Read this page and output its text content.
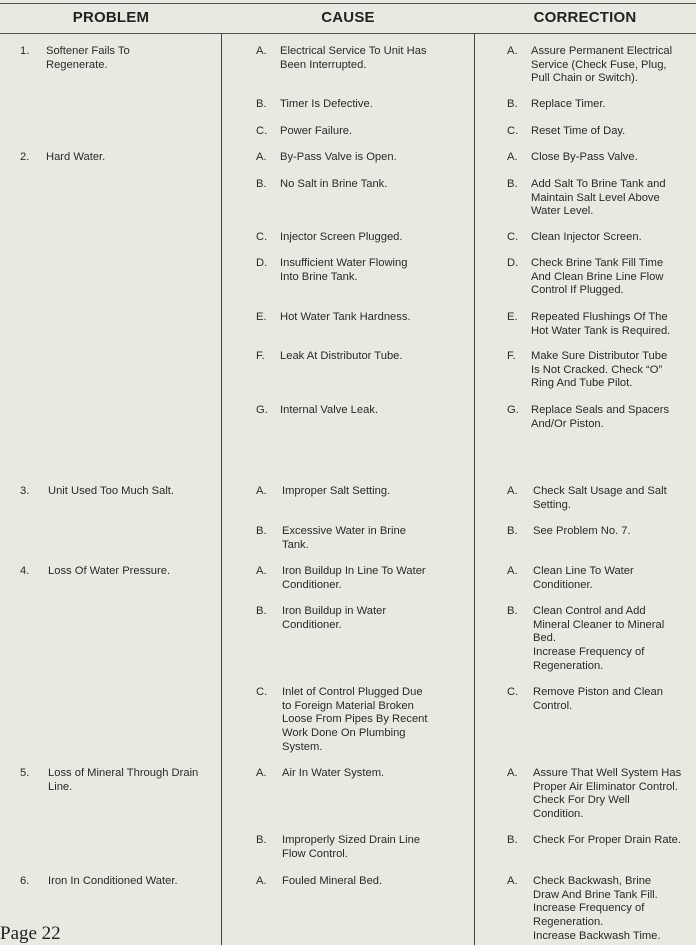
PROBLEM	CAUSE	CORRECTION
1. Softener Fails To
Regenerate.
2. Hard Water.
3. Unit Used Too Much Salt.
4. Loss Of Water Pressure.
5. Loss of Mineral Through Drain
Line.
6. Iron In Conditioned Water.
A. Electrical Service To Unit Has
Been Interrupted.
B. Timer Is Defective.
C. Power Failure.
A. By-Pass Valve is Open.
B. No Salt in Brine Tank.
C. Injector Screen Plugged.
D. Insufficient Water Flowing
Into Brine Tank.
E. Hot Water Tank Hardness.
F. Leak At Distributor Tube.
G. Internal Valve Leak.
A. Improper Salt Setting.
B. Excessive Water in Brine
Tank.
A. Iron Buildup In Line To Water
Conditioner.
B. Iron Buildup in Water
Conditioner.
C. Inlet of Control Plugged Due
to Foreign Material Broken
Loose From Pipes By Recent
Work Done On Plumbing
System.
A. Air In Water System.
B. Improperly Sized Drain Line
Flow Control.
A. Fouled Mineral Bed.
A. Assure Permanent Electrical
Service (Check Fuse, Plug,
Pull Chain or Switch).
B. Replace Timer.
C. Reset Time of Day.
A. Close By-Pass Valve.
B. Add Salt To Brine Tank and
Maintain Salt Level Above
Water Level.
C. Clean Injector Screen.
D. Check Brine Tank Fill Time
And Clean Brine Line Flow
Control If Plugged.
E. Repeated Flushings Of The
Hot Water Tank is Required.
F. Make Sure Distributor Tube
Is Not Cracked. Check “O”
Ring And Tube Pilot.
G. Replace Seals and Spacers
And/Or Piston.
A. Check Salt Usage and Salt
Setting.
B. See Problem No. 7.
A. Clean Line To Water
Conditioner.
B. Clean Control and Add
Mineral Cleaner to Mineral
Bed.
Increase Frequency of
Regeneration.
C. Remove Piston and Clean
Control.
A. Assure That Well System Has
Proper Air Eliminator Control.
Check For Dry Well
Condition.
B. Check For Proper Drain Rate.
A. Check Backwash, Brine
Draw And Brine Tank Fill.
Increase Frequency of
Regeneration.
Increase Backwash Time.
Page 22
